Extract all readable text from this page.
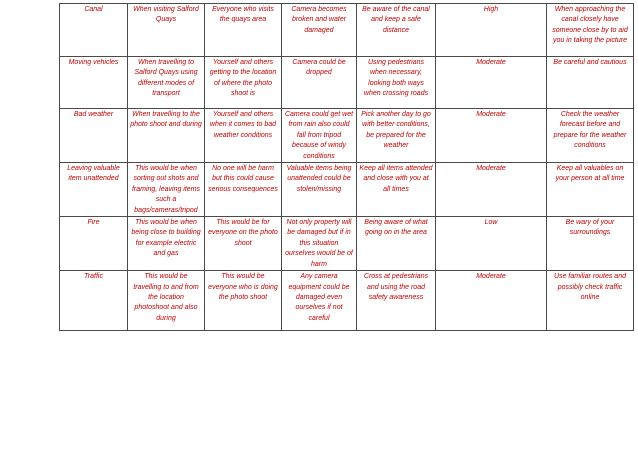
Canal	When visiting Salford Quays	Everyone who visits the quays area	Camera becomes broken and water damaged	Be aware of the canal and keep a safe distance	High	When approaching the canal closely have someone close by to aid you in taking the picture
Moving vehicles	When travelling to Salford Quays using different modes of transport	Yourself and others getting to the location of where the photo shoot is	Camera could be dropped	Using pedestrians when necessary, looking both ways when crossing roads	Moderate	Be careful and cautious
Bad weather	When travelling to the photo shoot and during	Yourself and others when it comes to bad weather conditions	Camera could get wet from rain also could fall from tripod because of windy conditions	Pick another day to go with better conditions, be prepared for the weather	Moderate	Check the weather forecast before and prepare for the weather conditions
Leaving valuable item unattended	This would be when sorting out shots and framing, leaving items such a bags/cameras/tripod	No one will be harm but this could cause serious consequences	Valuable items being unattended could be stolen/missing	Keep all items attended and close with you at all times	Moderate	Keep all valuables on your person at all time
Fire	This would be when being close to building for example electric and gas	This would be for everyone on the photo shoot	Not only property will be damaged but if in this situation ourselves would be of harm	Being aware of what going on in the area	Low	Be wary of your surroundings
Traffic	This would be travelling to and from the location photoshoot and also during	This would be everyone who is doing the photo shoot	Any camera equipment could be damaged even ourselves if not careful	Cross at pedestrians and using the road safety awareness	Moderate	Use familiar routes and possibly check traffic online
